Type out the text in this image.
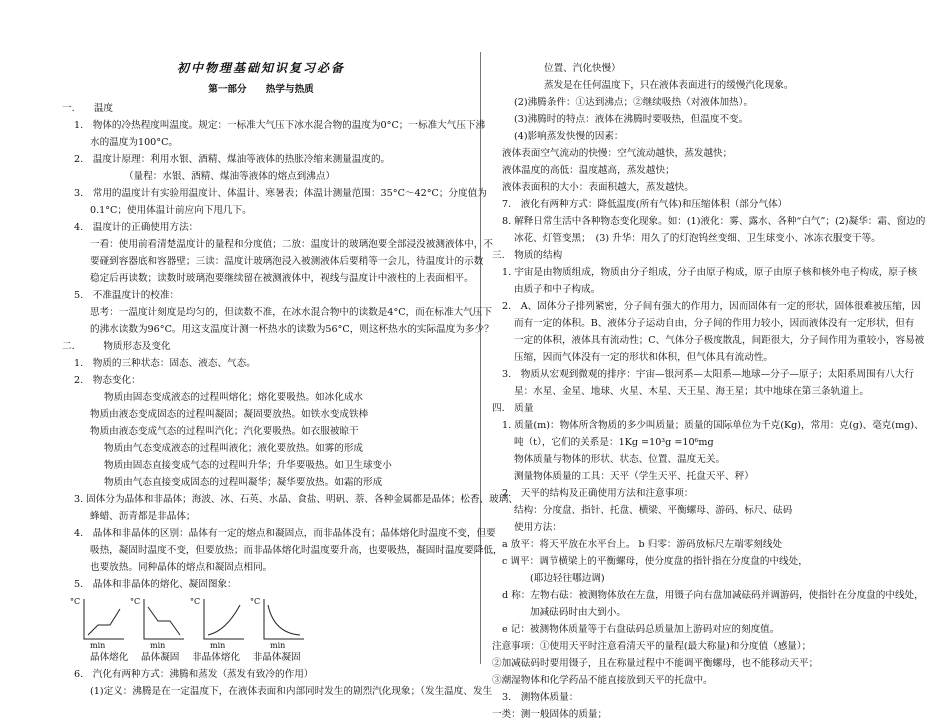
初中物理基础知识复习必备
第一部分　　热学与热质
一.　　温度
1.　物体的冷热程度叫温度。规定：一标准大气压下冰水混合物的温度为0°C；一标准大气压下沸
水的温度为100°C。
2.　温度计原理：利用水银、酒精、煤油等液体的热胀冷缩来测量温度的。
（量程：水银、酒精、煤油等液体的熔点到沸点）
3.　常用的温度计有实验用温度计、体温计、寒暑表；体温计测量范围：35°C～42°C；分度值为
0.1°C；使用体温计前应向下甩几下。
4.　温度计的正确使用方法：
一看：使用前看清楚温度计的量程和分度值；二放：温度计的玻璃泡要全部浸没被测液体中，不
要碰到容器底和容器壁；三读：温度计玻璃泡浸入被测液体后要稍等一会儿，待温度计的示数
稳定后再读数；读数时玻璃泡要继续留在被测液体中，视线与温度计中液柱的上表面相平。
5.　不准温度计的校准：
思考：一温度计刻度是均匀的，但读数不准，在冰水混合物中的读数是4°C，而在标准大气压下
的沸水读数为96°C。用这支温度计测一杯热水的读数为56°C，则这杯热水的实际温度为多少？
二.　　　物质形态及变化
1.　物质的三种状态：固态、液态、气态。
2.　物态变化：
物质由固态变成液态的过程叫熔化；熔化要吸热。如冰化成水
物质由液态变成固态的过程叫凝固；凝固要放热。如铁水变成铁棒
物质由液态变成气态的过程叫汽化；汽化要吸热。如衣服被晾干
物质由气态变成液态的过程叫液化；液化要放热。如雾的形成
物质由固态直接变成气态的过程叫升华；升华要吸热。如卫生球变小
物质由气态直接变成固态的过程叫凝华；凝华要放热。如霜的形成
3. 固体分为晶体和非晶体；海波、冰、石英、水晶、食盐、明矾、萘、各种金属都是晶体；松香、玻璃、
蜂蜡、沥青都是非晶体；
4.　晶体和非晶体的区别：晶体有一定的熔点和凝固点，而非晶体没有；晶体熔化时温度不变，但要
吸热，凝固时温度不变，但要放热；而非晶体熔化时温度要升高，也要吸热，凝固时温度要降低，
也要放热。同种晶体的熔点和凝固点相同。
5.　晶体和非晶体的熔化、凝固图象：
°C	°C	°C	°C
min	min	min	min
晶体熔化　 晶体凝固　 非晶体熔化　 非晶体凝固
6.　汽化有两种方式：沸腾和蒸发（蒸发有致冷的作用）
(1)定义：沸腾是在一定温度下，在液体表面和内部同时发生的剧烈汽化现象；（发生温度、发生
位置、汽化快慢）
蒸发是在任何温度下，只在液体表面进行的缓慢汽化现象。
(2)沸腾条件：①达到沸点；②继续吸热（对液体加热）。
(3)沸腾时的特点：液体在沸腾时要吸热，但温度不变。
(4)影响蒸发快慢的因素：
液体表面空气流动的快慢：空气流动越快，蒸发越快；
液体温度的高低：温度越高，蒸发越快；
液体表面积的大小：表面积越大，蒸发越快。
7.　液化有两种方式：降低温度(所有气体)和压缩体积（部分气体）
8. 解释日常生活中各种物态变化现象。如：(1)液化：雾、露水、各种“白气”；(2)凝华：霜、窗边的
冰花、灯管变黑；　(3) 升华：用久了的灯泡钨丝变细、卫生球变小、冰冻衣服变干等。
三.　物质的结构
1. 宇宙是由物质组成，物质由分子组成，分子由原子构成，原子由原子核和核外电子构成，原子核
由质子和中子构成。
2.　A、固体分子排列紧密，分子间有强大的作用力，因而固体有一定的形状，固体很难被压缩，因
而有一定的体积。B、液体分子运动自由，分子间的作用力较小，因而液体没有一定形状，但有
一定的体积，液体具有流动性；C、气体分子极度散乱，间距很大，分子间作用为重较小，容易被
压缩，因而气体没有一定的形状和体积，但气体具有流动性。
3.　物质从宏观到微观的排序：宇宙—银河系—太阳系—地球—分子—原子；太阳系周围有八大行
星：水星、金星、地球、火星、木星、天王星、海王星；其中地球在第三条轨道上。
四.　质量
1. 质量(m)：物体所含物质的多少叫质量；质量的国际单位为千克(Kg)，常用：克(g)、毫克(mg)、
吨（t），它们的关系是：1Kg =10³g =10⁶mg
物体质量与物体的形状、状态、位置、温度无关。
测量物体质量的工具：天平（学生天平、托盘天平、秤）
2.　天平的结构及正确使用方法和注意事项：
结构：分度盘、指针、托盘、横梁、平衡螺母、游码、标尺、砝码
使用方法：
a 放平：将天平放在水平台上。 b 归零：游码放标尺左端零刻线处
c 调平：调节横梁上的平衡螺母，使分度盘的指针指在分度盘的中线处，
(耶边轻往哪边调)
d 称：左物右砝：被测物体放在左盘，用镊子向右盘加减砝码并调游码，使指针在分度盘的中线处，
加减砝码时由大到小。
e 记：被测物体质量等于右盘砝码总质量加上游码对应的刻度值。
注意事项：①使用天平时注意看清天平的量程(最大称量)和分度值（感量）；
②加减砝码时要用镊子，且在称量过程中不能调平衡螺母，也不能移动天平；
③潮湿物体和化学药品不能直接放到天平的托盘中。
3.　测物体质量：
一类：测一般固体的质量；
